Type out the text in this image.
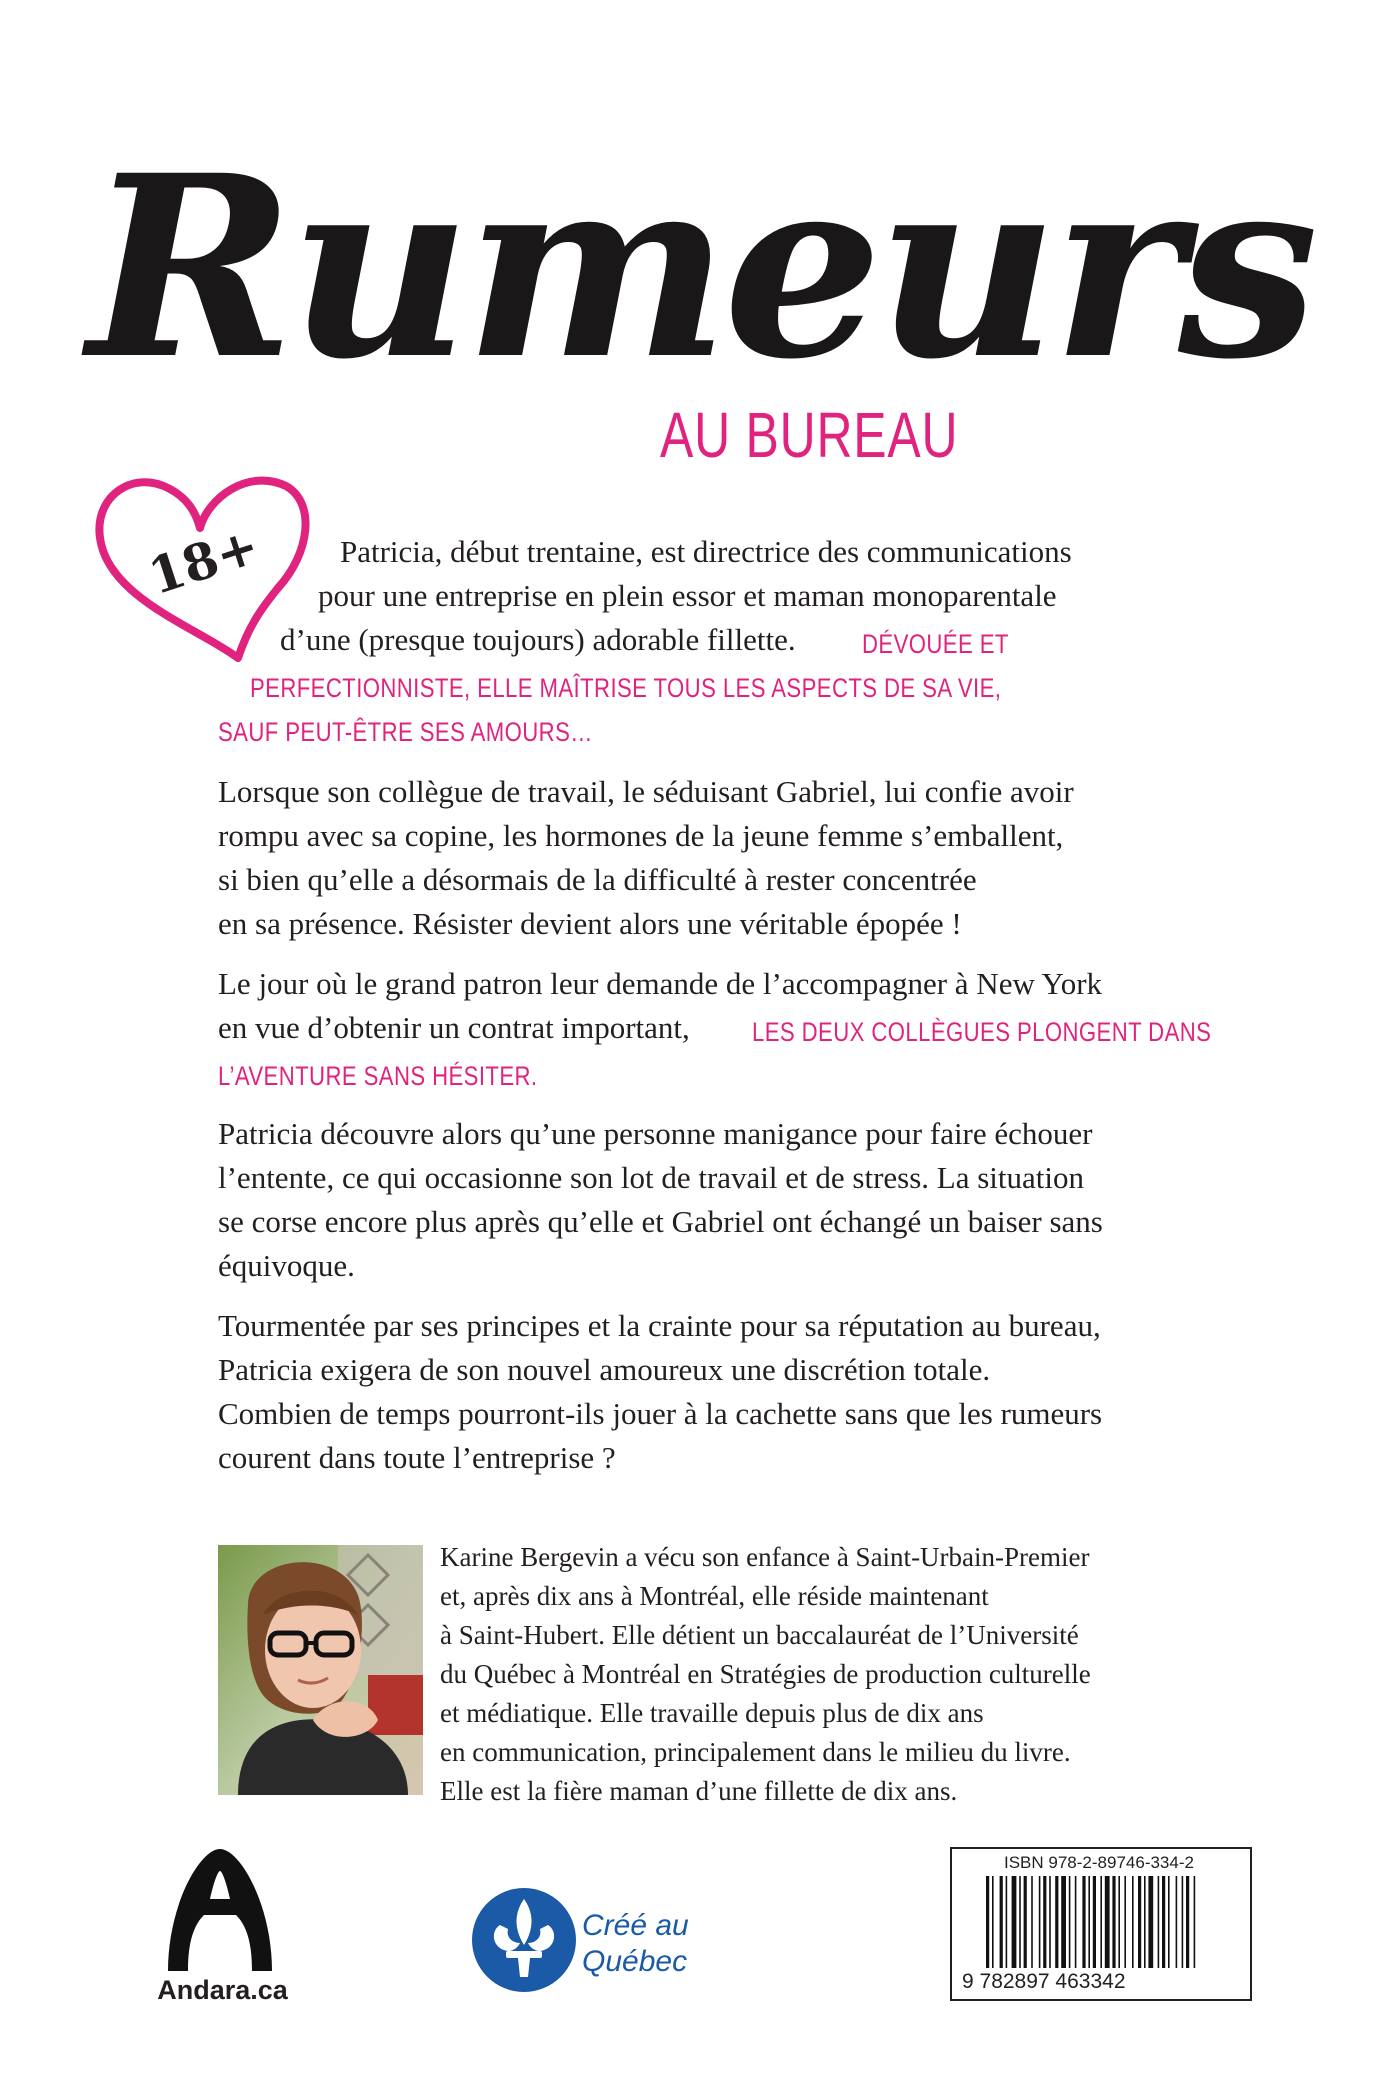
Rumeurs
AU BUREAU
18+ Patricia, début trentaine, est directrice des communications
pour une entreprise en plein essor et maman monoparentale
d’une (presque toujours) adorable fillette. DÉVOUÉE ET
PERFECTIONNISTE, ELLE MAÎTRISE TOUS LES ASPECTS DE SA VIE,
SAUF PEUT-ÊTRE SES AMOURS…
Lorsque son collègue de travail, le séduisant Gabriel, lui confie avoir
rompu avec sa copine, les hormones de la jeune femme s’emballent,
si bien qu’elle a désormais de la difficulté à rester concentrée
en sa présence. Résister devient alors une véritable épopée !
Le jour où le grand patron leur demande de l’accompagner à New York
en vue d’obtenir un contrat important, LES DEUX COLLÈGUES PLONGENT DANS
L’AVENTURE SANS HÉSITER.
Patricia découvre alors qu’une personne manigance pour faire échouer
l’entente, ce qui occasionne son lot de travail et de stress. La situation
se corse encore plus après qu’elle et Gabriel ont échangé un baiser sans
équivoque.
Tourmentée par ses principes et la crainte pour sa réputation au bureau,
Patricia exigera de son nouvel amoureux une discrétion totale.
Combien de temps pourront-ils jouer à la cachette sans que les rumeurs
courent dans toute l’entreprise ?
Karine Bergevin a vécu son enfance à Saint-Urbain-Premier
et, après dix ans à Montréal, elle réside maintenant
à Saint-Hubert. Elle détient un baccalauréat de l’Université
du Québec à Montréal en Stratégies de production culturelle
et médiatique. Elle travaille depuis plus de dix ans
en communication, principalement dans le milieu du livre.
Elle est la fière maman d’une fillette de dix ans.
Andara.ca
Créé au
Québec
ISBN 978-2-89746-334-2
9 782897 463342
